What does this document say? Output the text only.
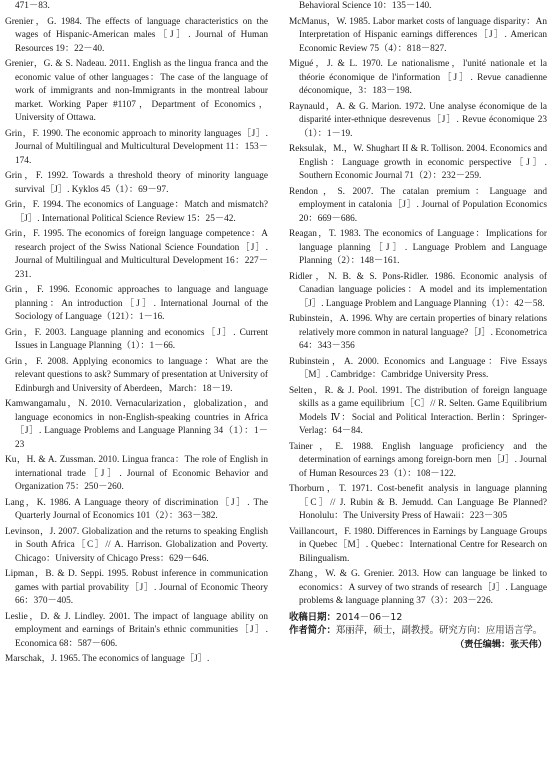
471－83.

Grenier，G. 1984. The effects of language characteristics on the wages of Hispanic-American males［J］. Journal of Human Resources 19：22－40.

Grenier，G. & S. Nadeau. 2011. English as the lingua franca and the economic value of other languages：The case of the language of work of immigrants and non-Immigrants in the montreal labour market. Working Paper #1107，Department of Economics，University of Ottawa.

Grin，F. 1990. The economic approach to minority languages［J］. Journal of Multilingual and Multicultural Development 11：153－174.

Grin，F. 1992. Towards a threshold theory of minority language survival［J］. Kyklos 45（1）：69－97.

Grin，F. 1994. The economics of Language：Match and mismatch?［J］. International Political Science Review 15：25－42.

Grin，F. 1995. The economics of foreign language competence：A research project of the Swiss National Science Foundation［J］. Journal of Multilingual and Multicultural Development 16：227－231.

Grin，F. 1996. Economic approaches to language and language planning：An introduction［J］. International Journal of the Sociology of Language（121）：1－16.

Grin，F. 2003. Language planning and economics［J］. Current Issues in Language Planning（1）：1－66.

Grin，F. 2008. Applying economics to language：What are the relevant questions to ask? Summary of presentation at University of Edinburgh and University of Aberdeen，March：18－19.

Kamwangamalu，N. 2010. Vernacularization，globalization，and language economics in non-English-speaking countries in Africa［J］. Language Problems and Language Planning 34（1）：1－23

Ku，H. & A. Zussman. 2010. Lingua franca：The role of English in international trade［J］. Journal of Economic Behavior and Organization 75：250－260.

Lang，K. 1986. A Language theory of discrimination［J］. The Quarterly Journal of Economics 101（2）：363－382.

Levinson，J. 2007. Globalization and the returns to speaking English in South Africa［C］// A. Harrison. Globalization and Poverty. Chicago：University of Chicago Press：629－646.

Lipman，B. & D. Seppi. 1995. Robust inference in communication games with partial provability［J］. Journal of Economic Theory 66：370－405.

Leslie，D. & J. Lindley. 2001. The impact of language ability on employment and earnings of Britain's ethnic communities［J］. Economica 68：587－606.

Marschak，J. 1965. The economics of language［J］.

Behavioral Science 10：135－140.

McManus，W. 1985. Labor market costs of language disparity：An Interpretation of Hispanic earnings differences［J］. American Economic Review 75（4）：818－827.

Migué，J. & L. 1970. Le nationalisme，l'unité nationale et la théorie économique de l'information［J］. Revue canadienne déconomique，3：183－198.

Raynauld，A. & G. Marion. 1972. Une analyse économique de la disparité inter-ethnique desrevenus［J］. Revue économique 23（1）：1－19.

Reksulak，M.，W. Shughart II & R. Tollison. 2004. Economics and English：Language growth in economic perspective［J］. Southern Economic Journal 71（2）：232－259.

Rendon，S. 2007. The catalan premium：Language and employment in catalonia［J］. Journal of Population Economics 20：669－686.

Reagan，T. 1983. The economics of Language：Implications for language planning［J］. Language Problem and Language Planning（2）：148－161.

Ridler，N. B. & S. Pons-Ridler. 1986. Economic analysis of Canadian language policies：A model and its implementation［J］. Language Problem and Language Planning（1）：42－58.

Rubinstein，A. 1996. Why are certain properties of binary relations relatively more common in natural language?［J］. Econometrica 64：343－356

Rubinstein，A. 2000. Economics and Language：Five Essays［M］. Cambridge：Cambridge University Press.

Selten，R. & J. Pool. 1991. The distribution of foreign language skills as a game equilibrium［C］// R. Selten. Game Equilibrium Models Ⅳ：Social and Political Interaction. Berlin：Springer-Verlag：64－84.

Tainer，E. 1988. English language proficiency and the determination of earnings among foreign-born men［J］. Journal of Human Resources 23（1）：108－122.

Thorburn，T. 1971. Cost-benefit analysis in language planning［C］// J. Rubin & B. Jemudd. Can Language Be Planned? Honolulu：The University Press of Hawaii：223－305

Vaillancourt，F. 1980. Differences in Earnings by Language Groups in Quebec［M］. Quebec：International Centre for Research on Bilingualism.

Zhang，W. & G. Grenier. 2013. How can language be linked to economics：A survey of two strands of research［J］. Language problems & language planning 37（3）：203－226.

收稿日期：2014－06－12

作者简介：郑丽萍，硕士，副教授。研究方向：应用语言学。

（责任编辑：张天伟）
